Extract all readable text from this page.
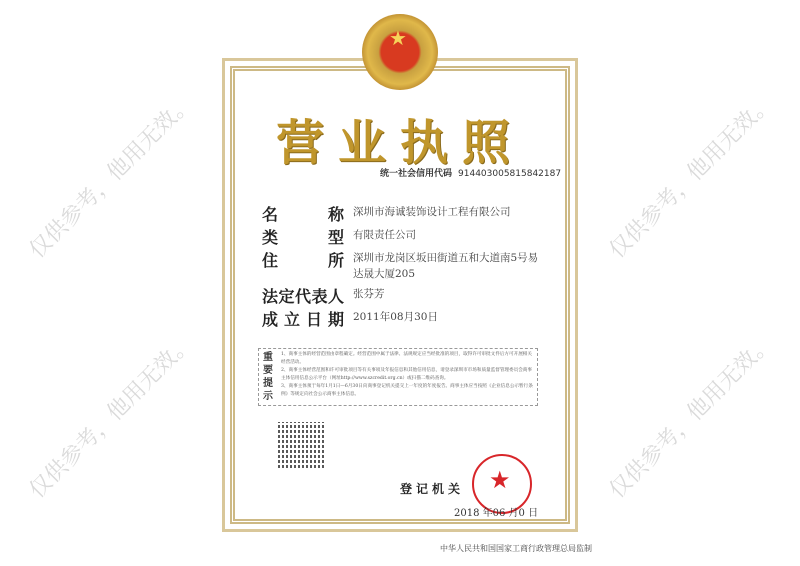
★
营业执照
统一社会信用代码 914403005815842187
名称 深圳市海诚装饰设计工程有限公司
类型 有限责任公司
住所 深圳市龙岗区坂田街道五和大道南5号易达晟大厦205
法定代表人 张芬芳
成立日期 2011年08月30日
重要提示
1、商事主体的经营范围由章程确定。经营范围中属于法律、法规规定应当经批准的项目，取得许可审批文件后方可开展相关经营活动。
2、商事主体经营范围和许可审批项目等有关事项及年报信息和其他信用信息，请登录深圳市市场和质量监督管理委员会商事主体信用信息公示平台（网址http://www.szcredit.org.cn）或扫描二维码查询。
3、商事主体须于每年1月1日—6月30日向商事登记机关提交上一年度的年度报告。商事主体应当按照《企业信息公示暂行条例》等规定向社会公示商事主体信息。
登记机关 ★
2018 年06 月0 日
中华人民共和国国家工商行政管理总局监制
仅供参考，他用无效。
仅供参考，他用无效。
仅供参考，他用无效。
仅供参考，他用无效。
